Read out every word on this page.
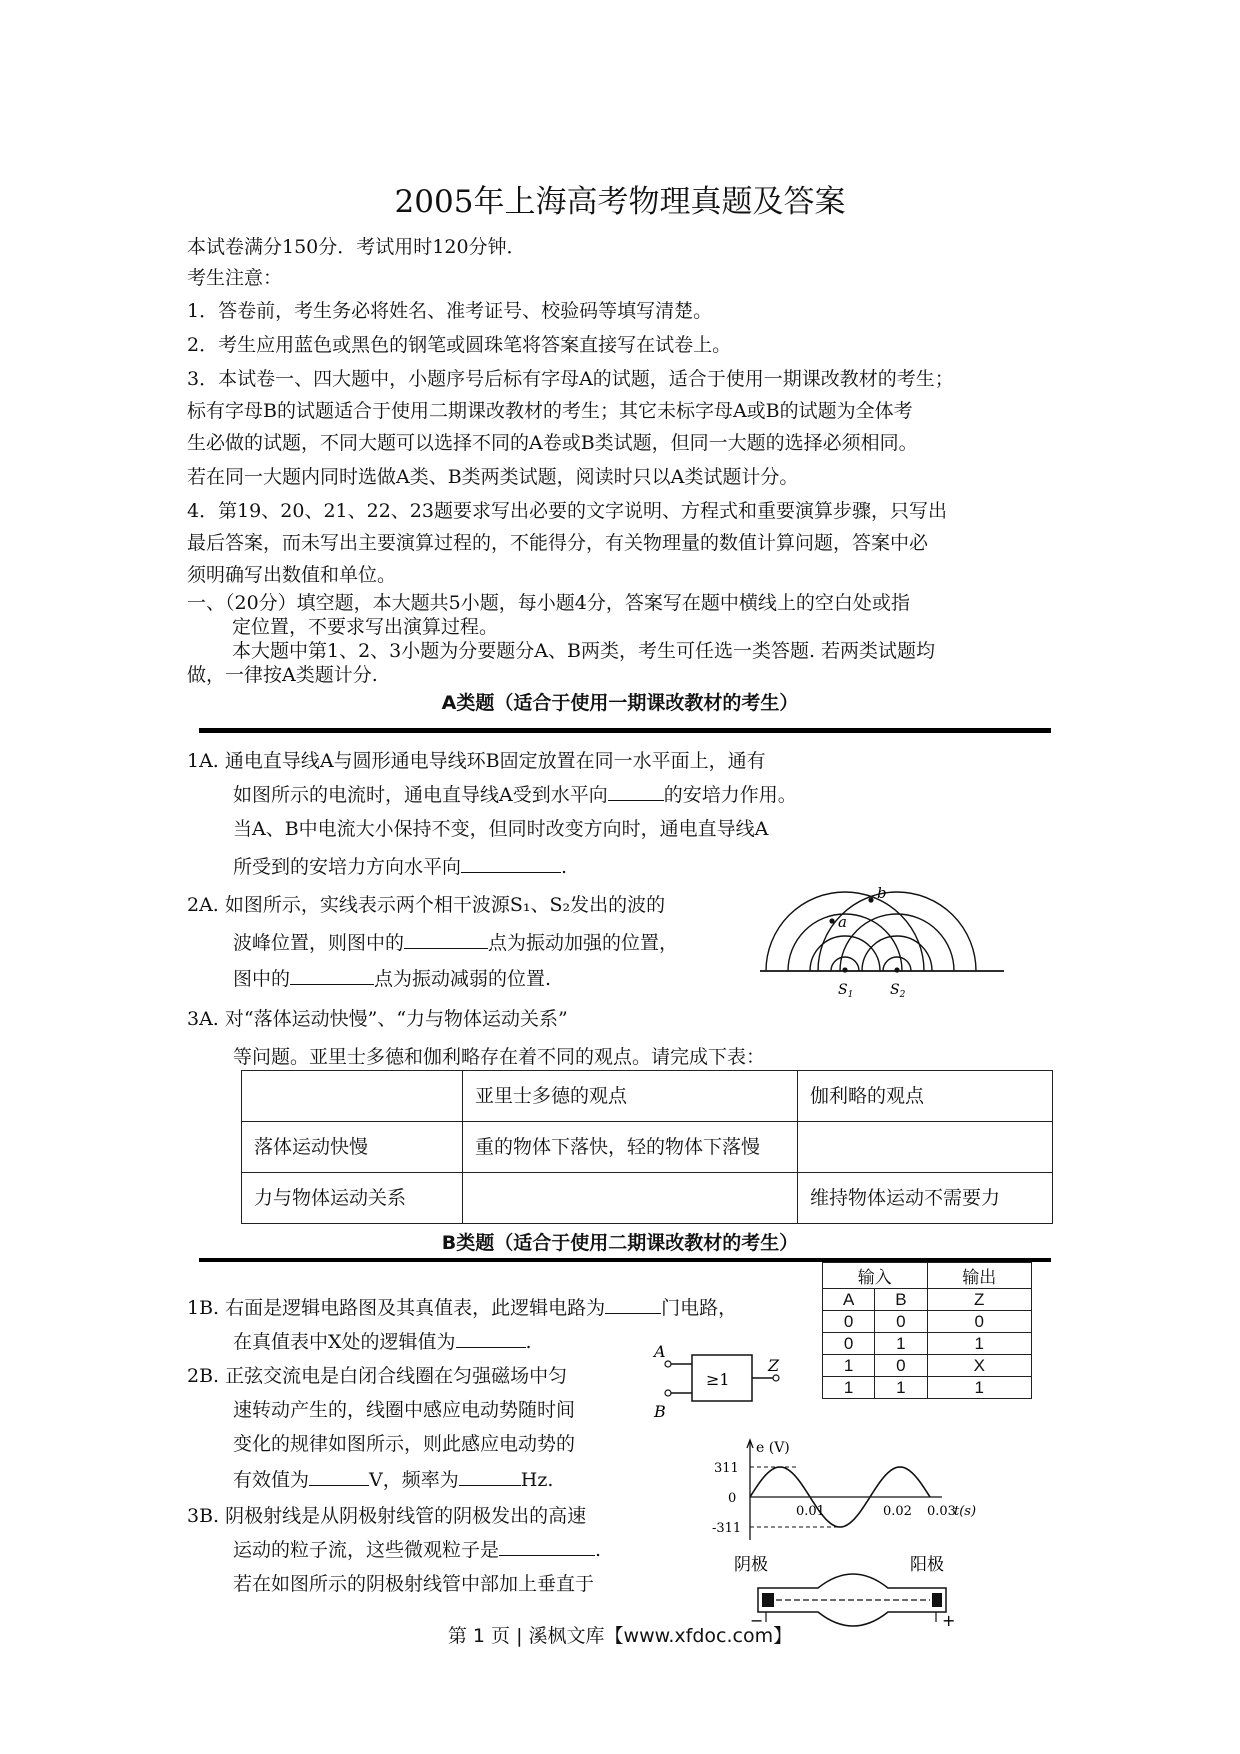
2005年上海高考物理真题及答案
本试卷满分150分．考试用时120分钟．
考生注意：
1．答卷前，考生务必将姓名、准考证号、校验码等填写清楚。
2．考生应用蓝色或黑色的钢笔或圆珠笔将答案直接写在试卷上。
3．本试卷一、四大题中，小题序号后标有字母A的试题，适合于使用一期课改教材的考生；
标有字母B的试题适合于使用二期课改教材的考生；其它未标字母A或B的试题为全体考
生必做的试题，不同大题可以选择不同的A卷或B类试题，但同一大题的选择必须相同。
若在同一大题内同时选做A类、B类两类试题，阅读时只以A类试题计分。
4．第19、20、21、22、23题要求写出必要的文字说明、方程式和重要演算步骤，只写出
最后答案，而未写出主要演算过程的，不能得分，有关物理量的数值计算问题，答案中必
须明确写出数值和单位。
一、（20分）填空题，本大题共5小题，每小题4分，答案写在题中横线上的空白处或指
定位置，不要求写出演算过程。
本大题中第1、2、3小题为分要题分A、B两类，考生可任选一类答题. 若两类试题均
做，一律按A类题计分.
A类题（适合于使用一期课改教材的考生）
1A. 通电直导线A与圆形通电导线环B固定放置在同一水平面上，通有
如图所示的电流时，通电直导线A受到水平向	的安培力作用。
当A、B中电流大小保持不变，但同时改变方向时，通电直导线A
所受到的安培力方向水平向	.
2A. 如图所示，实线表示两个相干波源S₁、S₂发出的波的
波峰位置，则图中的	点为振动加强的位置，
图中的	点为振动减弱的位置.
a
b
$S_1$	$S_2$
3A. 对“落体运动快慢”、“力与物体运动关系”
等问题。亚里士多德和伽利略存在着不同的观点。请完成下表：
	亚里士多德的观点	伽利略的观点
落体运动快慢	重的物体下落快，轻的物体下落慢	
力与物体运动关系		维持物体运动不需要力
B类题（适合于使用二期课改教材的考生）
输入		输出
A	B	Z
0	0	0
0	1	1
1	0	X
1	1	1
1B. 右面是逻辑电路图及其真值表，此逻辑电路为	门电路，
在真值表中X处的逻辑值为	.	A
B
Z
≥1
2B. 正弦交流电是白闭合线圈在匀强磁场中匀
速转动产生的，线圈中感应电动势随时间
变化的规律如图所示，则此感应电动势的
有效值为	V，频率为	Hz.
e (V)
311
0
-311
0.01	0.02 0.03
t(s)
3B. 阴极射线是从阴极射线管的阴极发出的高速
运动的粒子流，这些微观粒子是	.
若在如图所示的阴极射线管中部加上垂直于
阴极	阳极
−	+
第 1 页 | 溪枫文库【www.xfdoc.com】
